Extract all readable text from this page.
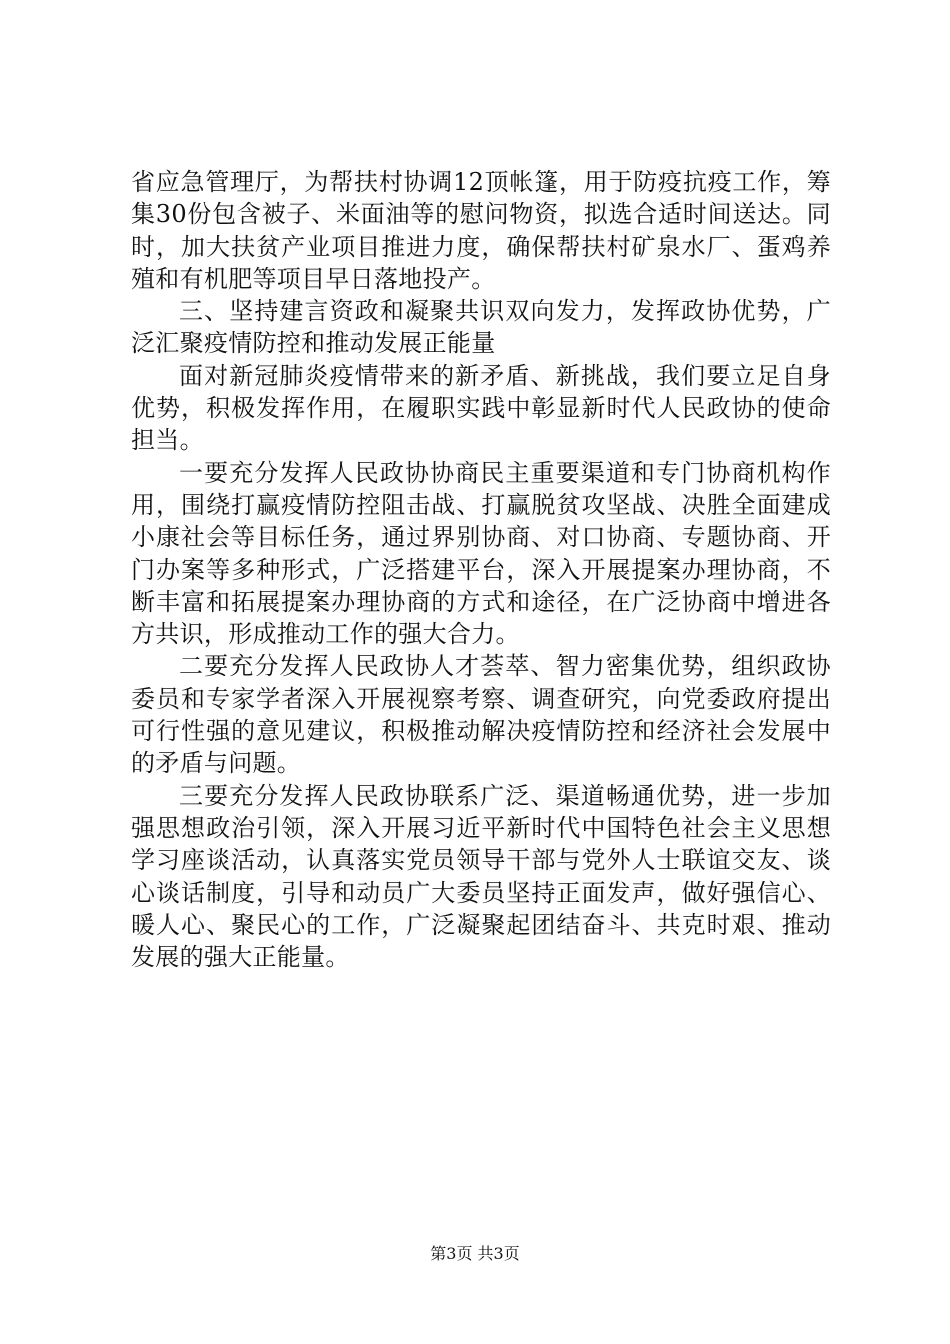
省应急管理厅，为帮扶村协调12顶帐篷，用于防疫抗疫工作，筹集30份包含被子、米面油等的慰问物资，拟选合适时间送达。同时，加大扶贫产业项目推进力度，确保帮扶村矿泉水厂、蛋鸡养殖和有机肥等项目早日落地投产。

三、坚持建言资政和凝聚共识双向发力，发挥政协优势，广泛汇聚疫情防控和推动发展正能量

面对新冠肺炎疫情带来的新矛盾、新挑战，我们要立足自身优势，积极发挥作用，在履职实践中彰显新时代人民政协的使命担当。

一要充分发挥人民政协协商民主重要渠道和专门协商机构作用，围绕打赢疫情防控阻击战、打赢脱贫攻坚战、决胜全面建成小康社会等目标任务，通过界别协商、对口协商、专题协商、开门办案等多种形式，广泛搭建平台，深入开展提案办理协商，不断丰富和拓展提案办理协商的方式和途径，在广泛协商中增进各方共识，形成推动工作的强大合力。

二要充分发挥人民政协人才荟萃、智力密集优势，组织政协委员和专家学者深入开展视察考察、调查研究，向党委政府提出可行性强的意见建议，积极推动解决疫情防控和经济社会发展中的矛盾与问题。

三要充分发挥人民政协联系广泛、渠道畅通优势，进一步加强思想政治引领，深入开展习近平新时代中国特色社会主义思想学习座谈活动，认真落实党员领导干部与党外人士联谊交友、谈心谈话制度，引导和动员广大委员坚持正面发声，做好强信心、暖人心、聚民心的工作，广泛凝聚起团结奋斗、共克时艰、推动发展的强大正能量。

第3页 共3页
